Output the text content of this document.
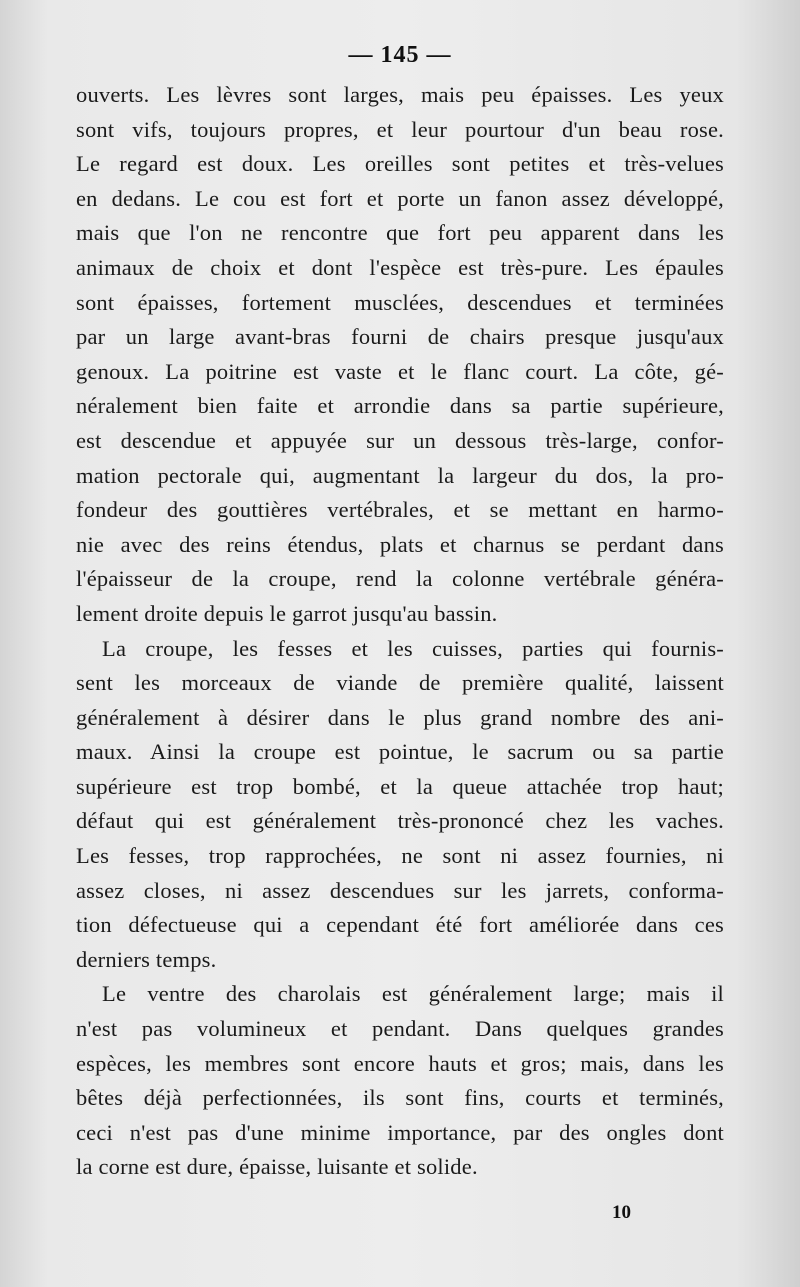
— 145 —
ouverts. Les lèvres sont larges, mais peu épaisses. Les yeux
sont vifs, toujours propres, et leur pourtour d'un beau rose.
Le regard est doux. Les oreilles sont petites et très-velues
en dedans. Le cou est fort et porte un fanon assez développé,
mais que l'on ne rencontre que fort peu apparent dans les
animaux de choix et dont l'espèce est très-pure. Les épaules
sont épaisses, fortement musclées, descendues et terminées
par un large avant-bras fourni de chairs presque jusqu'aux
genoux. La poitrine est vaste et le flanc court. La côte, gé-
néralement bien faite et arrondie dans sa partie supérieure,
est descendue et appuyée sur un dessous très-large, confor-
mation pectorale qui, augmentant la largeur du dos, la pro-
fondeur des gouttières vertébrales, et se mettant en harmo-
nie avec des reins étendus, plats et charnus se perdant dans
l'épaisseur de la croupe, rend la colonne vertébrale généra-
lement droite depuis le garrot jusqu'au bassin.
La croupe, les fesses et les cuisses, parties qui fournis-
sent les morceaux de viande de première qualité, laissent
généralement à désirer dans le plus grand nombre des ani-
maux. Ainsi la croupe est pointue, le sacrum ou sa partie
supérieure est trop bombé, et la queue attachée trop haut;
défaut qui est généralement très-prononcé chez les vaches.
Les fesses, trop rapprochées, ne sont ni assez fournies, ni
assez closes, ni assez descendues sur les jarrets, conforma-
tion défectueuse qui a cependant été fort améliorée dans ces
derniers temps.
Le ventre des charolais est généralement large; mais il
n'est pas volumineux et pendant. Dans quelques grandes
espèces, les membres sont encore hauts et gros; mais, dans les
bêtes déjà perfectionnées, ils sont fins, courts et terminés,
ceci n'est pas d'une minime importance, par des ongles dont
la corne est dure, épaisse, luisante et solide.
10
